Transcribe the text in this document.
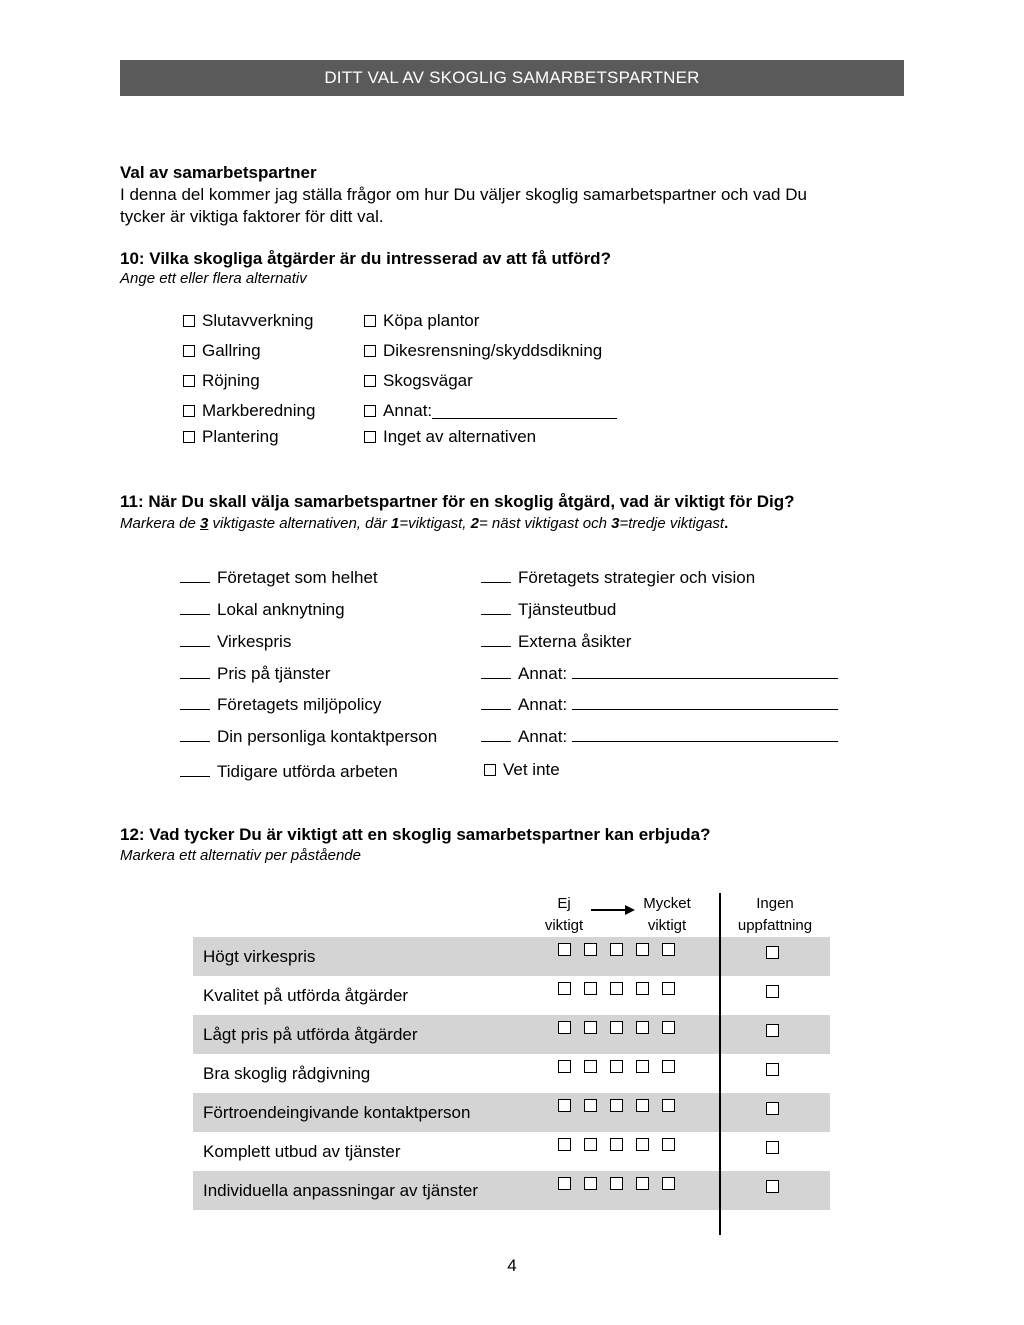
DITT VAL AV SKOGLIG SAMARBETSPARTNER
Val av samarbetspartner
I denna del kommer jag ställa frågor om hur Du väljer skoglig samarbetspartner och vad Du
tycker är viktiga faktorer för ditt val.
10: Vilka skogliga åtgärder är du intresserad av att få utförd?
Ange ett eller flera alternativ
Slutavverkning
Gallring
Röjning
Markberedning
Plantering
Köpa plantor
Dikesrensning/skyddsdikning
Skogsvägar
Annat:
Inget av alternativen
11: När Du skall välja samarbetspartner för en skoglig åtgärd, vad är viktigt för Dig?
Markera de 3 viktigaste alternativen, där 1=viktigast, 2= näst viktigast och 3=tredje viktigast.
Företaget som helhet
Lokal anknytning
Virkespris
Pris på tjänster
Företagets miljöpolicy
Din personliga kontaktperson
Tidigare utförda arbeten
Företagets strategier och vision
Tjänsteutbud
Externa åsikter
Annat:
Annat:
Annat:
Vet inte
12: Vad tycker Du är viktigt att en skoglig samarbetspartner kan erbjuda?
Markera ett alternativ per påstående
Ej
viktigt
Mycket
viktigt
Ingen
uppfattning
Högt virkespris
Kvalitet på utförda åtgärder
Lågt pris på utförda åtgärder
Bra skoglig rådgivning
Förtroendeingivande kontaktperson
Komplett utbud av tjänster
Individuella anpassningar av tjänster
4
